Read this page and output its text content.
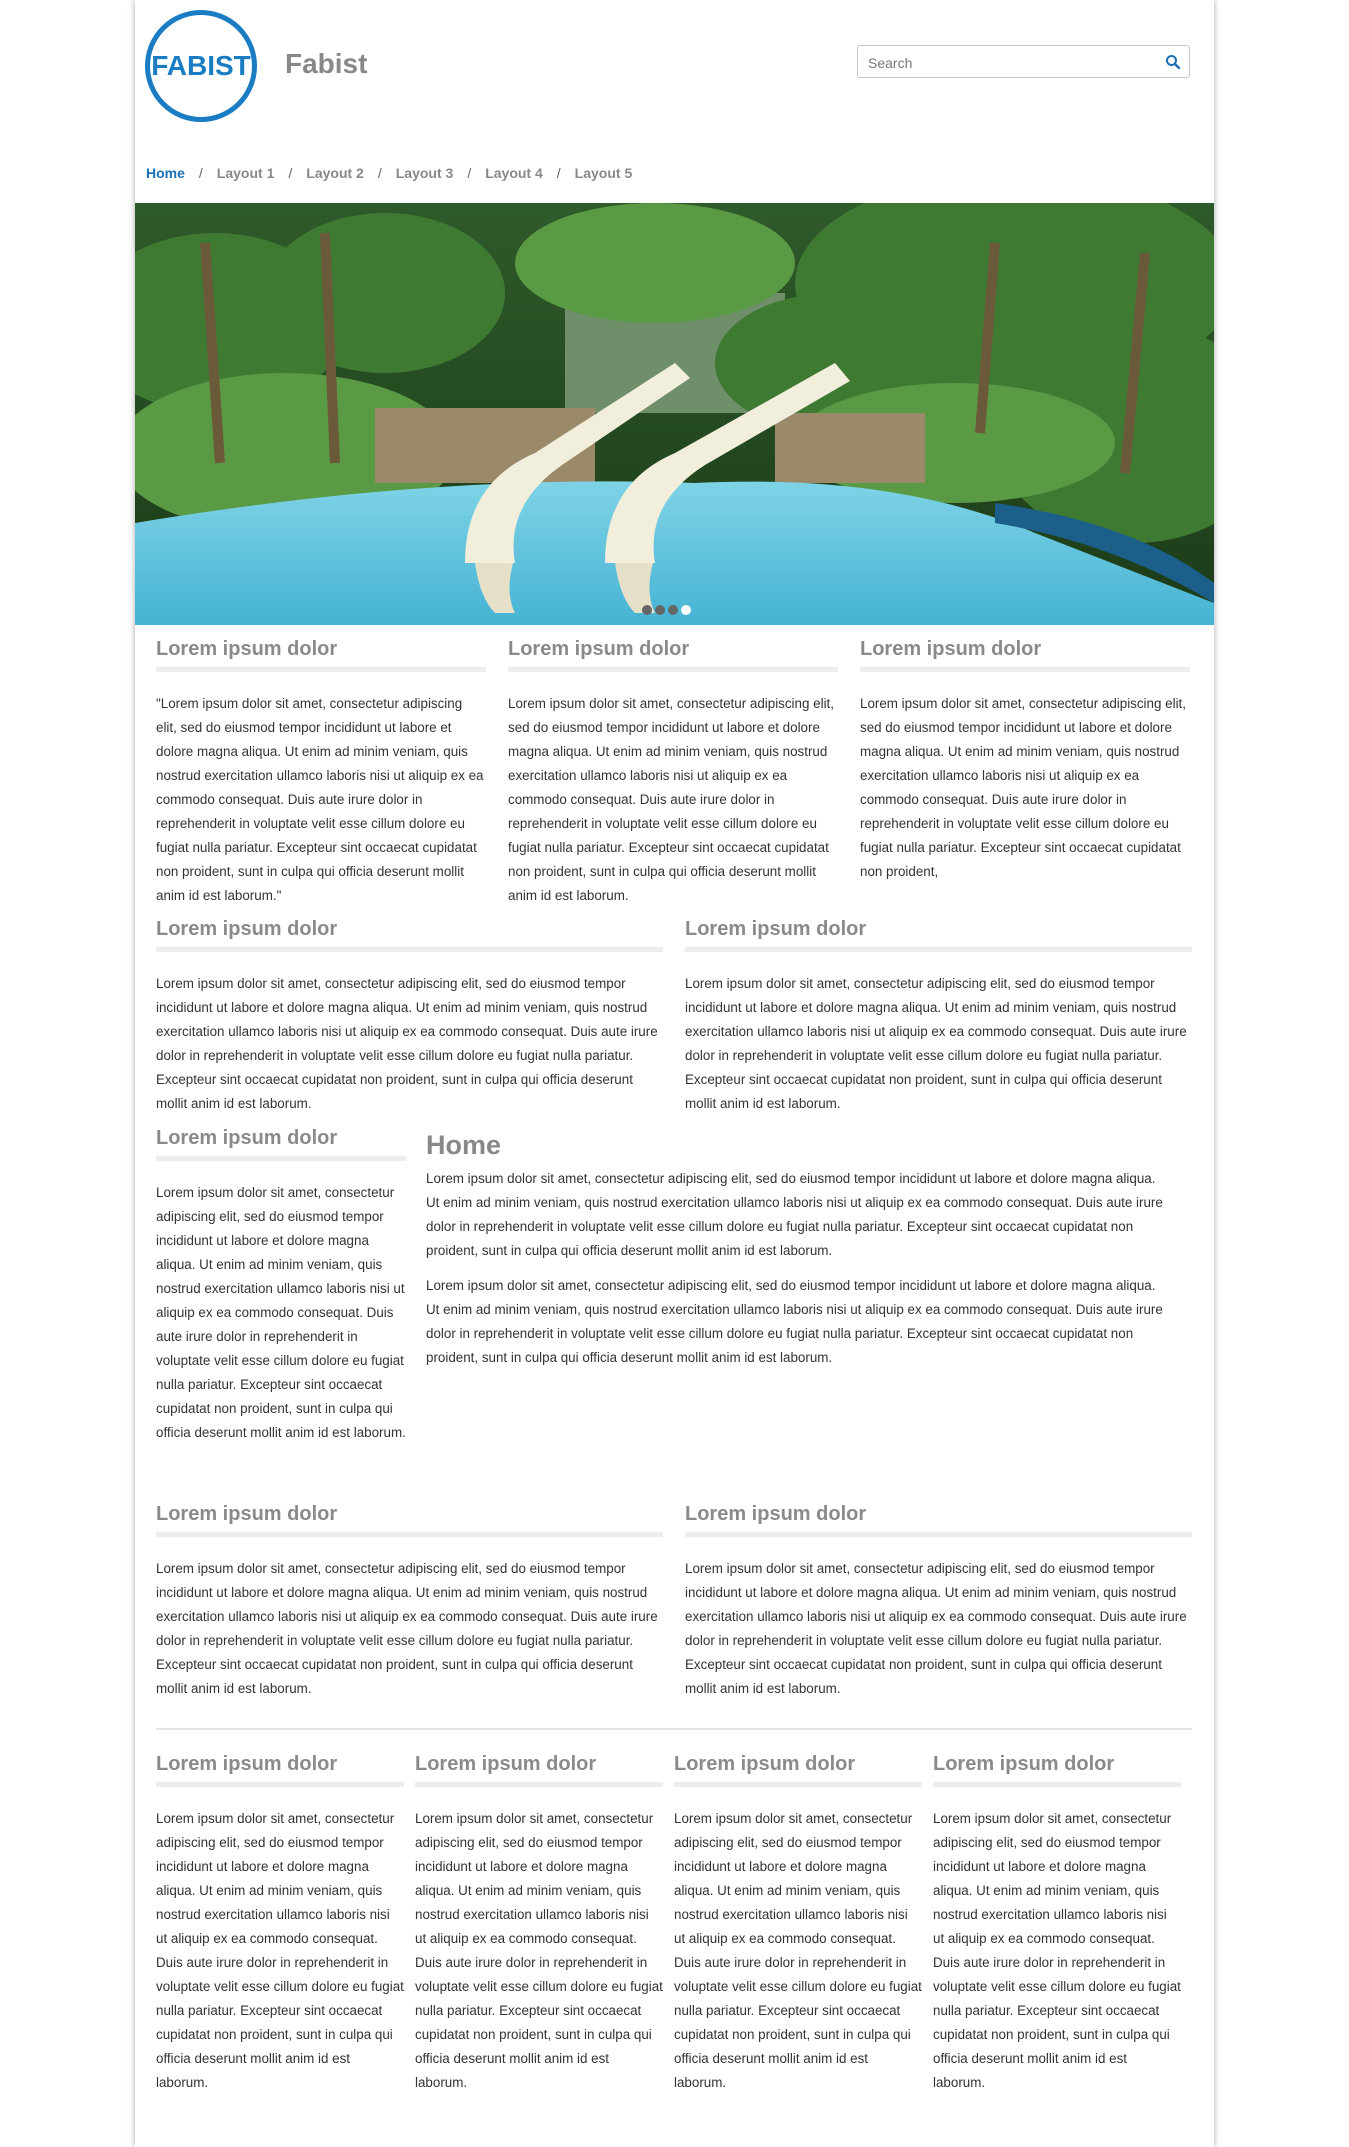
FABIST Fabist
Search
Home / Layout 1 / Layout 2 / Layout 3 / Layout 4 / Layout 5
Lorem ipsum dolor

"Lorem ipsum dolor sit amet, consectetur adipiscing elit, sed do eiusmod tempor incididunt ut labore et dolore magna aliqua. Ut enim ad minim veniam, quis nostrud exercitation ullamco laboris nisi ut aliquip ex ea commodo consequat. Duis aute irure dolor in reprehenderit in voluptate velit esse cillum dolore eu fugiat nulla pariatur. Excepteur sint occaecat cupidatat non proident, sunt in culpa qui officia deserunt mollit anim id est laborum."

Lorem ipsum dolor

Lorem ipsum dolor sit amet, consectetur adipiscing elit, sed do eiusmod tempor incididunt ut labore et dolore magna aliqua. Ut enim ad minim veniam, quis nostrud exercitation ullamco laboris nisi ut aliquip ex ea commodo consequat. Duis aute irure dolor in reprehenderit in voluptate velit esse cillum dolore eu fugiat nulla pariatur. Excepteur sint occaecat cupidatat non proident, sunt in culpa qui officia deserunt mollit anim id est laborum.

Lorem ipsum dolor

Lorem ipsum dolor sit amet, consectetur adipiscing elit, sed do eiusmod tempor incididunt ut labore et dolore magna aliqua. Ut enim ad minim veniam, quis nostrud exercitation ullamco laboris nisi ut aliquip ex ea commodo consequat. Duis aute irure dolor in reprehenderit in voluptate velit esse cillum dolore eu fugiat nulla pariatur. Excepteur sint occaecat cupidatat non proident,

Lorem ipsum dolor

Lorem ipsum dolor sit amet, consectetur adipiscing elit, sed do eiusmod tempor incididunt ut labore et dolore magna aliqua. Ut enim ad minim veniam, quis nostrud exercitation ullamco laboris nisi ut aliquip ex ea commodo consequat. Duis aute irure dolor in reprehenderit in voluptate velit esse cillum dolore eu fugiat nulla pariatur. Excepteur sint occaecat cupidatat non proident, sunt in culpa qui officia deserunt mollit anim id est laborum.

Lorem ipsum dolor

Lorem ipsum dolor sit amet, consectetur adipiscing elit, sed do eiusmod tempor incididunt ut labore et dolore magna aliqua. Ut enim ad minim veniam, quis nostrud exercitation ullamco laboris nisi ut aliquip ex ea commodo consequat. Duis aute irure dolor in reprehenderit in voluptate velit esse cillum dolore eu fugiat nulla pariatur. Excepteur sint occaecat cupidatat non proident, sunt in culpa qui officia deserunt mollit anim id est laborum.

Lorem ipsum dolor

Lorem ipsum dolor sit amet, consectetur adipiscing elit, sed do eiusmod tempor incididunt ut labore et dolore magna aliqua. Ut enim ad minim veniam, quis nostrud exercitation ullamco laboris nisi ut aliquip ex ea commodo consequat. Duis aute irure dolor in reprehenderit in voluptate velit esse cillum dolore eu fugiat nulla pariatur. Excepteur sint occaecat cupidatat non proident, sunt in culpa qui officia deserunt mollit anim id est laborum.

Home

Lorem ipsum dolor sit amet, consectetur adipiscing elit, sed do eiusmod tempor incididunt ut labore et dolore magna aliqua. Ut enim ad minim veniam, quis nostrud exercitation ullamco laboris nisi ut aliquip ex ea commodo consequat. Duis aute irure dolor in reprehenderit in voluptate velit esse cillum dolore eu fugiat nulla pariatur. Excepteur sint occaecat cupidatat non proident, sunt in culpa qui officia deserunt mollit anim id est laborum.

Lorem ipsum dolor sit amet, consectetur adipiscing elit, sed do eiusmod tempor incididunt ut labore et dolore magna aliqua. Ut enim ad minim veniam, quis nostrud exercitation ullamco laboris nisi ut aliquip ex ea commodo consequat. Duis aute irure dolor in reprehenderit in voluptate velit esse cillum dolore eu fugiat nulla pariatur. Excepteur sint occaecat cupidatat non proident, sunt in culpa qui officia deserunt mollit anim id est laborum.

Lorem ipsum dolor

Lorem ipsum dolor sit amet, consectetur adipiscing elit, sed do eiusmod tempor incididunt ut labore et dolore magna aliqua. Ut enim ad minim veniam, quis nostrud exercitation ullamco laboris nisi ut aliquip ex ea commodo consequat. Duis aute irure dolor in reprehenderit in voluptate velit esse cillum dolore eu fugiat nulla pariatur. Excepteur sint occaecat cupidatat non proident, sunt in culpa qui officia deserunt mollit anim id est laborum.

Lorem ipsum dolor

Lorem ipsum dolor sit amet, consectetur adipiscing elit, sed do eiusmod tempor incididunt ut labore et dolore magna aliqua. Ut enim ad minim veniam, quis nostrud exercitation ullamco laboris nisi ut aliquip ex ea commodo consequat. Duis aute irure dolor in reprehenderit in voluptate velit esse cillum dolore eu fugiat nulla pariatur. Excepteur sint occaecat cupidatat non proident, sunt in culpa qui officia deserunt mollit anim id est laborum.

Lorem ipsum dolor

Lorem ipsum dolor sit amet, consectetur adipiscing elit, sed do eiusmod tempor incididunt ut labore et dolore magna aliqua. Ut enim ad minim veniam, quis nostrud exercitation ullamco laboris nisi ut aliquip ex ea commodo consequat. Duis aute irure dolor in reprehenderit in voluptate velit esse cillum dolore eu fugiat nulla pariatur. Excepteur sint occaecat cupidatat non proident, sunt in culpa qui officia deserunt mollit anim id est laborum.

Lorem ipsum dolor

Lorem ipsum dolor sit amet, consectetur adipiscing elit, sed do eiusmod tempor incididunt ut labore et dolore magna aliqua. Ut enim ad minim veniam, quis nostrud exercitation ullamco laboris nisi ut aliquip ex ea commodo consequat. Duis aute irure dolor in reprehenderit in voluptate velit esse cillum dolore eu fugiat nulla pariatur. Excepteur sint occaecat cupidatat non proident, sunt in culpa qui officia deserunt mollit anim id est laborum.

Lorem ipsum dolor

Lorem ipsum dolor sit amet, consectetur adipiscing elit, sed do eiusmod tempor incididunt ut labore et dolore magna aliqua. Ut enim ad minim veniam, quis nostrud exercitation ullamco laboris nisi ut aliquip ex ea commodo consequat. Duis aute irure dolor in reprehenderit in voluptate velit esse cillum dolore eu fugiat nulla pariatur. Excepteur sint occaecat cupidatat non proident, sunt in culpa qui officia deserunt mollit anim id est laborum.

Lorem ipsum dolor

Lorem ipsum dolor sit amet, consectetur adipiscing elit, sed do eiusmod tempor incididunt ut labore et dolore magna aliqua. Ut enim ad minim veniam, quis nostrud exercitation ullamco laboris nisi ut aliquip ex ea commodo consequat. Duis aute irure dolor in reprehenderit in voluptate velit esse cillum dolore eu fugiat nulla pariatur. Excepteur sint occaecat cupidatat non proident, sunt in culpa qui officia deserunt mollit anim id est laborum.
